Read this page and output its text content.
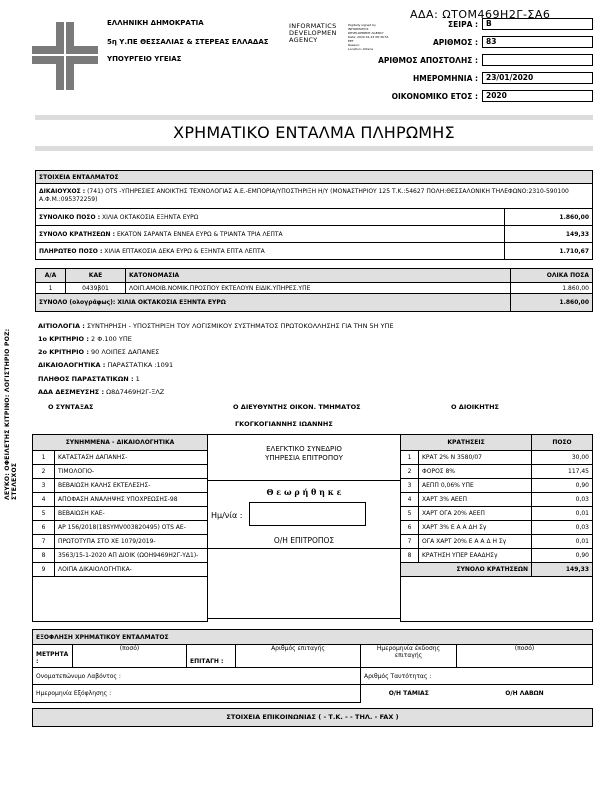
ΕΛΛΗΝΙΚΗ ΔΗΜΟΚΡΑΤΙΑ
5η Υ.ΠΕ ΘΕΣΣΑΛΙΑΣ & ΣΤΕΡΕΑΣ ΕΛΛΑΔΑΣ
ΥΠΟΥΡΓΕΙΟ ΥΓΕΙΑΣ
INFORMATICS
DEVELOPMEN
AGENCY
Digitally signed by
INFORMATICS
DEVELOPMENT AGENCY
Date: 2020.01.23 08:36:51
EET
Reason:
Location: Athens
ΑΔΑ: ΩΤΟΜ469Η2Γ-ΣΑ6
ΣΕΙΡΑ :	Β
ΑΡΙΘΜΟΣ :	83
ΑΡΙΘΜΟΣ ΑΠΟΣΤΟΛΗΣ :
ΗΜΕΡΟΜΗΝΙΑ :	23/01/2020
ΟΙΚΟΝΟΜΙΚΟ ΕΤΟΣ :	2020
ΧΡΗΜΑΤΙΚΟ ΕΝΤΑΛΜΑ ΠΛΗΡΩΜΗΣ
ΛΕΥΚΟ: ΟΦΕΙΛΕΤΗΣ ΚΙΤΡΙΝΟ: ΛΟΓΙΣΤΗΡΙΟ ΡΟΖ: ΣΤΕΛΕΧΟΣ
ΣΤΟΙΧΕΙΑ ΕΝΤΑΛΜΑΤΟΣ	
ΔΙΚΑΙΟΥΧΟΣ : (741) OTS -ΥΠΗΡΕΣΙΕΣ ΑΝΟΙΚΤΗΣ ΤΕΧΝΟΛΟΓΙΑΣ Α.Ε.-ΕΜΠΟΡΙΑ/ΥΠΟΣΤΗΡΙΞΗ Η/Υ (ΜΟΝΑΣΤΗΡΙΟΥ 125 Τ.Κ.:54627 ΠΟΛΗ:ΘΕΣΣΑΛΟΝΙΚΗ ΤΗΛΕΦΩΝΟ:2310-590100 Α.Φ.Μ.:095372259)	
ΣΥΝΟΛΙΚΟ ΠΟΣΟ : ΧΙΛΙΑ ΟΚΤΑΚΟΣΙΑ ΕΞΗΝΤΑ ΕΥΡΩ	1.860,00
ΣΥΝΟΛΟ ΚΡΑΤΗΣΕΩΝ : ΕΚΑΤΟΝ ΣΑΡΑΝΤΑ ΕΝΝΕΑ ΕΥΡΩ & ΤΡΙΑΝΤΑ ΤΡΙΑ ΛΕΠΤΑ	149,33
ΠΛΗΡΩΤΕΟ ΠΟΣΟ : ΧΙΛΙΑ ΕΠΤΑΚΟΣΙΑ ΔΕΚΑ ΕΥΡΩ & ΕΞΗΝΤΑ ΕΠΤΑ ΛΕΠΤΑ	1.710,67
Α/Α	ΚΑΕ	ΚΑΤΟΝΟΜΑΣΙΑ	ΟΛΙΚΑ ΠΟΣΑ
1	0439β01	ΛΟΙΠ.ΑΜΟΙΒ.ΝΟΜΙΚ.ΠΡΟΣΠΟΥ ΕΚΤΕΛΟΥΝ ΕΙΔΙΚ.ΥΠΗΡΕΣ.ΥΠΕ	1.860,00
ΣΥΝΟΛΟ (ολογράφως): ΧΙΛΙΑ ΟΚΤΑΚΟΣΙΑ ΕΞΗΝΤΑ ΕΥΡΩ			1.860,00
ΑΙΤΙΟΛΟΓΙΑ : ΣΥΝΤΗΡΗΣΗ - ΥΠΟΣΤΗΡΙΞΗ ΤΟΥ ΛΟΓΙΣΜΙΚΟΥ ΣΥΣΤΗΜΑΤΟΣ ΠΡΩΤΟΚΟΛΛΗΣΗΣ ΓΙΑ ΤΗΝ 5Η ΥΠΕ
1ο ΚΡΙΤΗΡΙΟ : 2 Φ.100 ΥΠΕ
2ο ΚΡΙΤΗΡΙΟ : 90 ΛΟΙΠΕΣ ΔΑΠΑΝΕΣ
ΔΙΚΑΙΟΛΟΓΗΤΙΚΑ : ΠΑΡΑΣΤΑΤΙΚΑ :1091
ΠΛΗΘΟΣ ΠΑΡΑΣΤΑΤΙΚΩΝ : 1
ΑΔΑ ΔΕΣΜΕΥΣΗΣ : Ω8Δ7469Η2Γ-ΞΛΖ
Ο ΣΥΝΤΑΞΑΣ	Ο ΔΙΕΥΘΥΝΤΗΣ ΟΙΚΟΝ. ΤΜΗΜΑΤΟΣ
ΓΚΟΓΚΟΓΙΑΝΝΗΣ ΙΩΑΝΝΗΣ
Ο ΔΙΟΙΚΗΤΗΣ
ΣΥΝΗΜΜΕΝΑ - ΔΙΚΑΙΟΛΟΓΗΤΙΚΑ	
1	ΚΑΤΑΣΤΑΣΗ ΔΑΠΑΝΗΣ-
2	ΤΙΜΟΛΟΓΙΟ-
3	ΒΕΒΑΙΩΣΗ ΚΑΛΗΣ ΕΚΤΕΛΕΣΗΣ-
4	ΑΠΟΦΑΣΗ ΑΝΑΛΗΨΗΣ ΥΠΟΧΡΕΩΣΗΣ-98
5	ΒΕΒΑΙΩΣΗ ΚΑΕ-
6	ΑΡ 156/2018(18SYMV003820495) OTS AE-
7	ΠΡΩΤΟΤΥΠΑ ΣΤΟ ΧΕ 1079/2019-
8	3563/15-1-2020 ΑΠ ΔΙΟΙΚ (ΩΟΗ9469Η2Γ-ΥΔ1)-
9	ΛΟΙΠΑ ΔΙΚΑΙΟΛΟΓΗΤΙΚΑ-

ΕΛΕΓΚΤΙΚΟ ΣΥΝΕΔΡΙΟ
ΥΠΗΡΕΣΙΑ ΕΠΙΤΡΟΠΟΥ
Θ ε ω ρ ή θ η κ ε
Ημ/νία :
Ο/Η ΕΠΙΤΡΟΠΟΣ
ΚΡΑΤΗΣΕΙΣ		ΠΟΣΟ
1	ΚΡΑΤ 2% Ν 3580/07	30,00
2	ΦΟΡΟΣ 8%	117,45
3	ΑΕΠΠ 0,06% ΥΠΕ	0,90
4	ΧΑΡΤ 3% ΑΕΕΠ	0,03
5	ΧΑΡΤ ΟΓΑ 20% ΑΕΕΠ	0,01
6	ΧΑΡΤ 3% Ε Α Α ΔΗ Σγ	0,03
7	ΟΓΑ ΧΑΡΤ 20% Ε Α Α Δ Η Σγ	0,01
8	ΚΡΑΤΗΣΗ ΥΠΕΡ ΕΑΑΔΗΣγ	0,90
ΣΥΝΟΛΟ ΚΡΑΤΗΣΕΩΝ		149,33

ΕΞΟΦΛΗΣΗ ΧΡΗΜΑΤΙΚΟΥ ΕΝΤΑΛΜΑΤΟΣ					
ΜΕΤΡΗΤΑ :	(ποσό)	ΕΠΙΤΑΓΗ :	Αριθμός επιταγής	Ημερομηνία έκδοσης επιταγής	(ποσό)
Ονοματεπώνυμο Λαβόντος :				Αριθμός Ταυτότητας :	
Ημερομηνία Εξόφλησης :				Ο/Η ΤΑΜΙΑΣ	Ο/Η ΛΑΒΩΝ
ΣΤΟΙΧΕΙΑ ΕΠΙΚΟΙΝΩΝΙΑΣ ( - Τ.Κ. - - ΤΗΛ. - FAX )
